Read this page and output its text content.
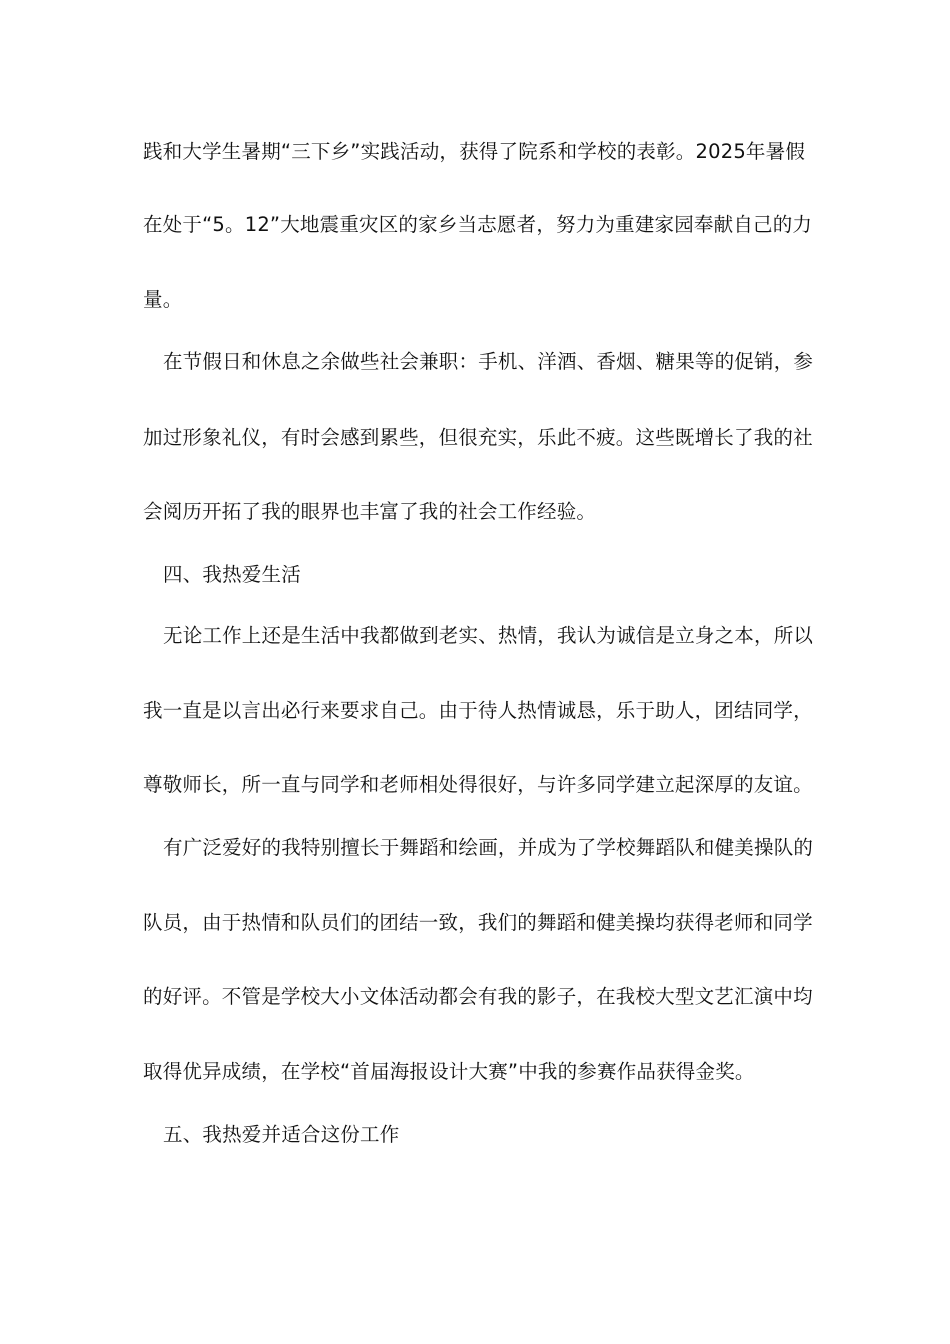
践和大学生暑期“三下乡”实践活动，获得了院系和学校的表彰。2025年暑假
在处于“5。12”大地震重灾区的家乡当志愿者，努力为重建家园奉献自己的力
量。
在节假日和休息之余做些社会兼职：手机、洋酒、香烟、糖果等的促销，参
加过形象礼仪，有时会感到累些，但很充实，乐此不疲。这些既增长了我的社
会阅历开拓了我的眼界也丰富了我的社会工作经验。
四、我热爱生活
无论工作上还是生活中我都做到老实、热情，我认为诚信是立身之本，所以
我一直是以言出必行来要求自己。由于待人热情诚恳，乐于助人，团结同学，
尊敬师长，所一直与同学和老师相处得很好，与许多同学建立起深厚的友谊。
有广泛爱好的我特别擅长于舞蹈和绘画，并成为了学校舞蹈队和健美操队的
队员，由于热情和队员们的团结一致，我们的舞蹈和健美操均获得老师和同学
的好评。不管是学校大小文体活动都会有我的影子，在我校大型文艺汇演中均
取得优异成绩，在学校“首届海报设计大赛”中我的参赛作品获得金奖。
五、我热爱并适合这份工作
